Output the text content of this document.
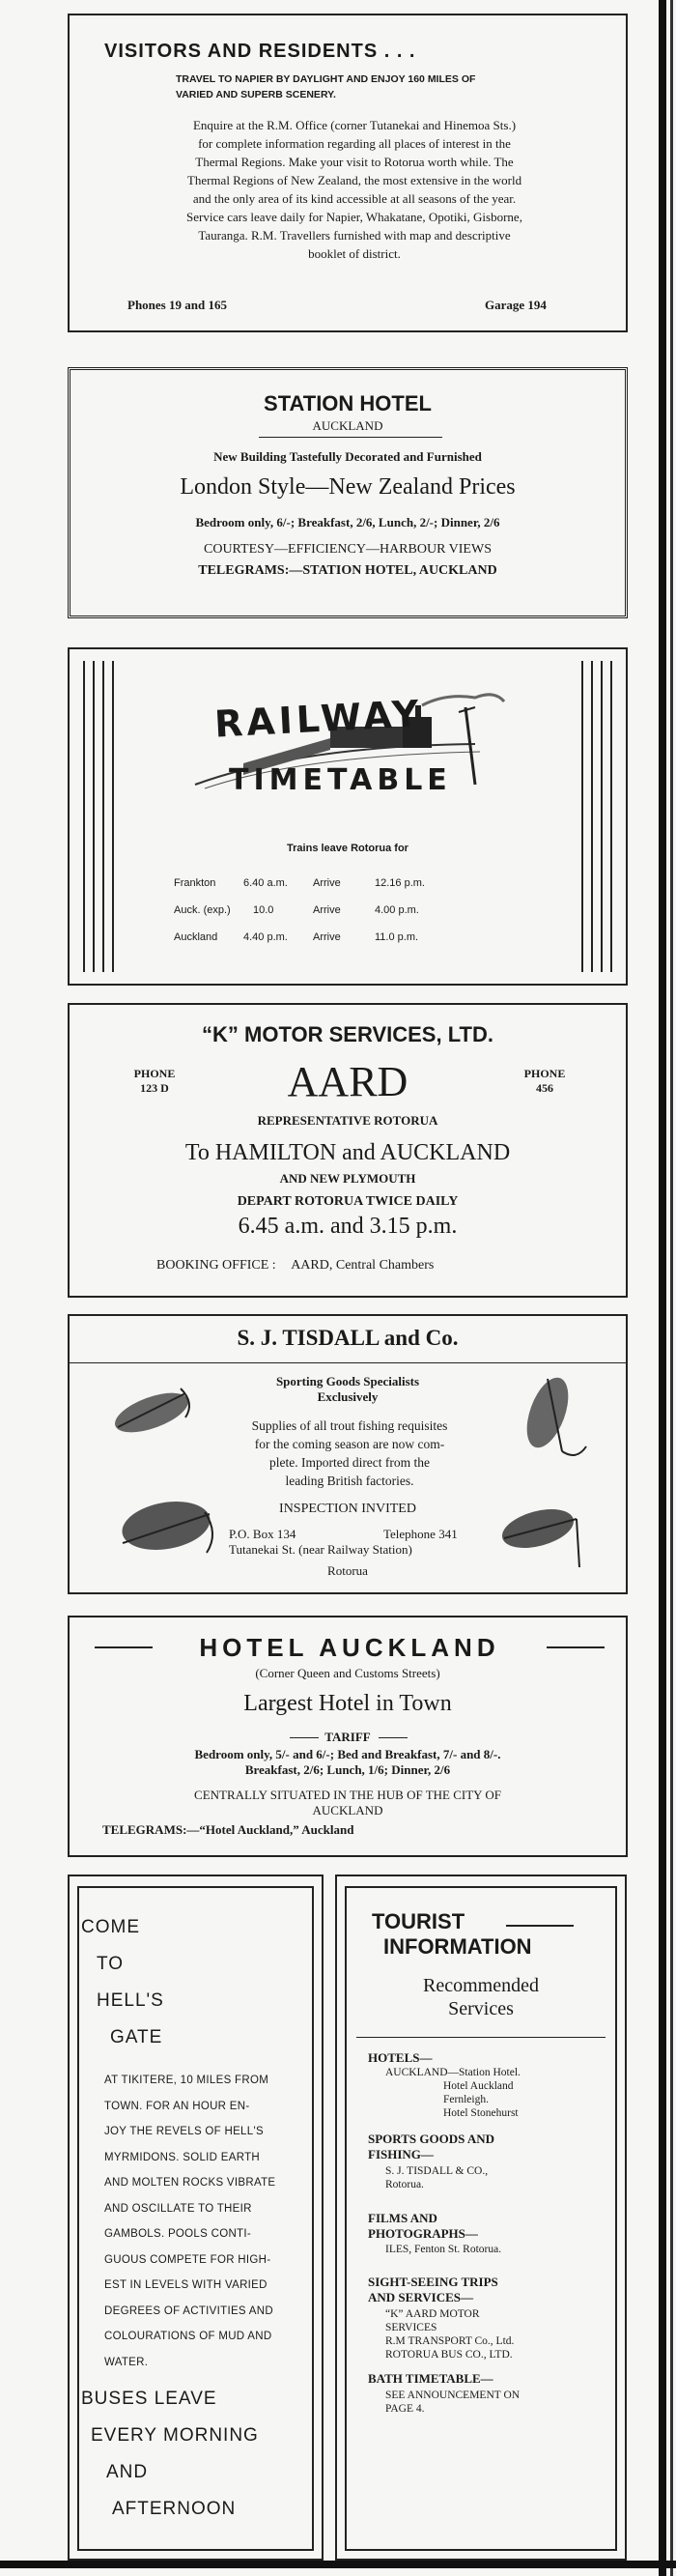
VISITORS AND RESIDENTS . . .
TRAVEL TO NAPIER BY DAYLIGHT AND ENJOY 160 MILES OF
VARIED AND SUPERB SCENERY.
Enquire at the R.M. Office (corner Tutanekai and Hinemoa Sts.)
for complete information regarding all places of interest in the
Thermal Regions. Make your visit to Rotorua worth while. The
Thermal Regions of New Zealand, the most extensive in the world
and the only area of its kind accessible at all seasons of the year.
Service cars leave daily for Napier, Whakatane, Opotiki, Gisborne,
Tauranga. R.M. Travellers furnished with map and descriptive
booklet of district.
Phones 19 and 165	Garage 194
STATION HOTEL
AUCKLAND
New Building Tastefully Decorated and Furnished
London Style—New Zealand Prices
Bedroom only, 6/-; Breakfast, 2/6, Lunch, 2/-; Dinner, 2/6
COURTESY—EFFICIENCY—HARBOUR VIEWS
TELEGRAMS:—STATION HOTEL, AUCKLAND
RAILWAY
TIMETABLE
Trains leave Rotorua for
Frankton	6.40 a.m.	Arrive	12.16 p.m.
Auck. (exp.)	10.0	Arrive	4.00 p.m.
Auckland	4.40 p.m.	Arrive	11.0 p.m.
“K” MOTOR SERVICES, LTD.
PHONE
123 D	AARD	PHONE
456
REPRESENTATIVE ROTORUA
To HAMILTON and AUCKLAND
AND NEW PLYMOUTH
DEPART ROTORUA TWICE DAILY
6.45 a.m. and 3.15 p.m.
BOOKING OFFICE : AARD, Central Chambers
S. J. TISDALL and Co.
Sporting Goods Specialists
Exclusively
Supplies of all trout fishing requisites
for the coming season are now com-
plete. Imported direct from the
leading British factories.
INSPECTION INVITED
P.O. Box 134	Telephone 341
Tutanekai St. (near Railway Station)
Rotorua
HOTEL AUCKLAND
(Corner Queen and Customs Streets)
Largest Hotel in Town
TARIFF
Bedroom only, 5/- and 6/-; Bed and Breakfast, 7/- and 8/-.
Breakfast, 2/6; Lunch, 1/6; Dinner, 2/6
CENTRALLY SITUATED IN THE HUB OF THE CITY OF
AUCKLAND
TELEGRAMS:—“Hotel Auckland,” Auckland
COME
TO
HELL'S
GATE
AT TIKITERE, 10 MILES FROM
TOWN. FOR AN HOUR EN-
JOY THE REVELS OF HELL'S
MYRMIDONS. SOLID EARTH
AND MOLTEN ROCKS VIBRATE
AND OSCILLATE TO THEIR
GAMBOLS. POOLS CONTI-
GUOUS COMPETE FOR HIGH-
EST IN LEVELS WITH VARIED
DEGREES OF ACTIVITIES AND
COLOURATIONS OF MUD AND
WATER.
BUSES LEAVE
EVERY MORNING
AND
AFTERNOON
TOURIST
INFORMATION
Recommended
Services
HOTELS—
AUCKLAND—Station Hotel.
Hotel Auckland
Fernleigh.
Hotel Stonehurst
SPORTS GOODS AND
FISHING—
S. J. TISDALL & CO.,
Rotorua.
FILMS AND
PHOTOGRAPHS—
ILES, Fenton St. Rotorua.
SIGHT-SEEING TRIPS
AND SERVICES—
“K” AARD MOTOR
SERVICES
R.M TRANSPORT Co., Ltd.
ROTORUA BUS CO., LTD.
BATH TIMETABLE—
SEE ANNOUNCEMENT ON
PAGE 4.
